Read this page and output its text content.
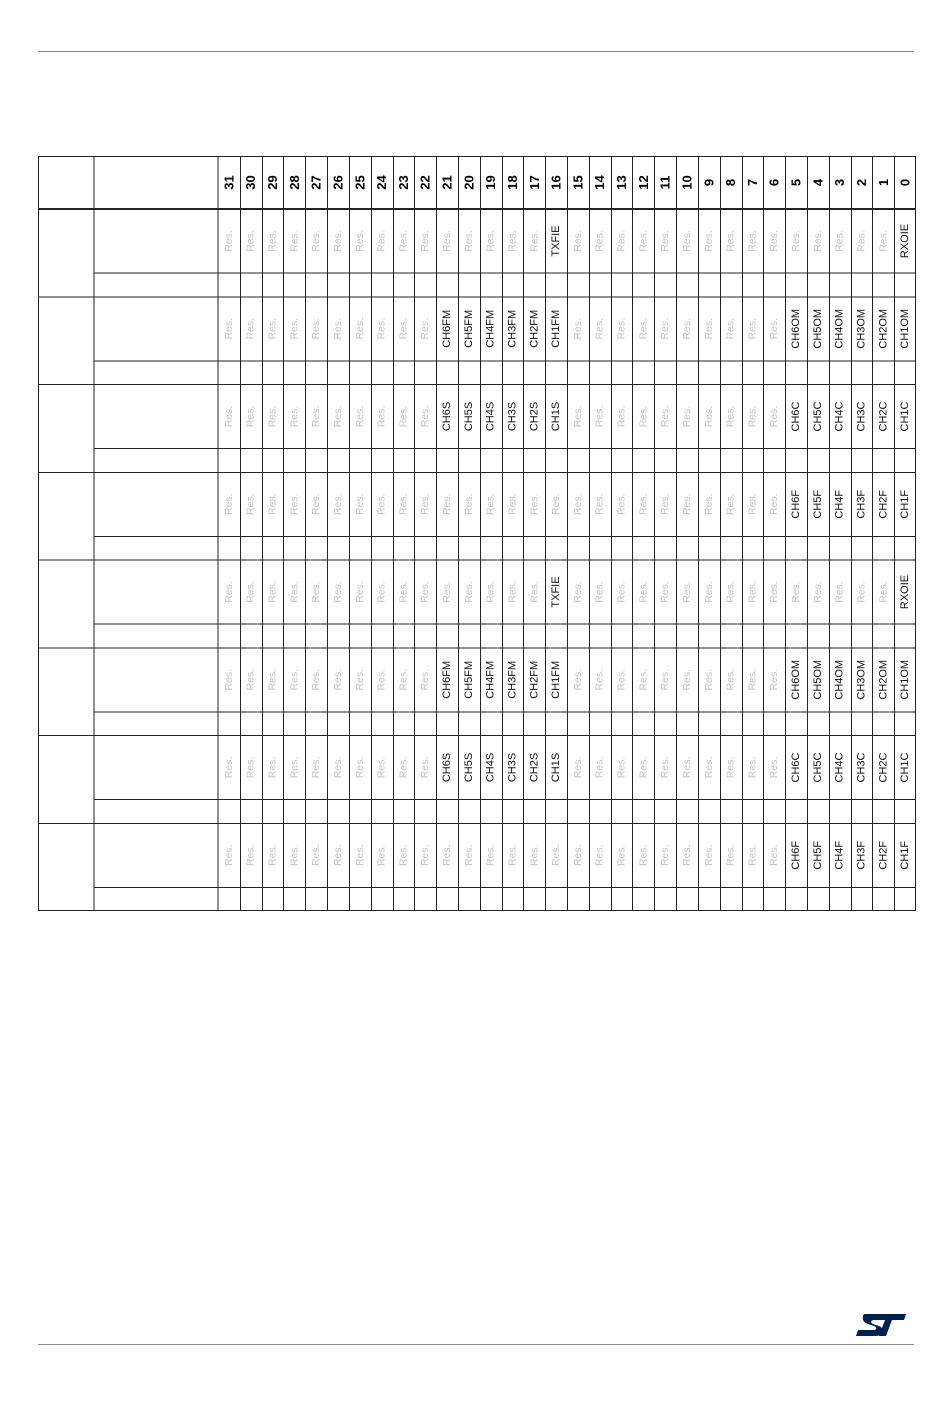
31 30 29 28 27 26 25 24 23 22 21 20 19 18 17 16 15 14 13 12 11 10 9 8 7 6 5 4 3 2 1 0
Res. Res. Res. Res. Res. Res. Res. Res. Res. Res. Res. Res. Res. Res. Res. TXFIE Res. Res. Res. Res. Res. Res. Res. Res. Res. Res. Res. Res. Res. Res. Res. RXOIE
Res. Res. Res. Res. Res. Res. Res. Res. Res. Res. CH6FM CH5FM CH4FM CH3FM CH2FM CH1FM Res. Res. Res. Res. Res. Res. Res. Res. Res. Res. CH6OM CH5OM CH4OM CH3OM CH2OM CH1OM
Res. Res. Res. Res. Res. Res. Res. Res. Res. Res. CH6S CH5S CH4S CH3S CH2S CH1S Res. Res. Res. Res. Res. Res. Res. Res. Res. Res. CH6C CH5C CH4C CH3C CH2C CH1C
Res. Res. Res. Res. Res. Res. Res. Res. Res. Res. Res. Res. Res. Res. Res. Res. Res. Res. Res. Res. Res. Res. Res. Res. Res. Res. CH6F CH5F CH4F CH3F CH2F CH1F
Res. Res. Res. Res. Res. Res. Res. Res. Res. Res. Res. Res. Res. Res. Res. TXFIE Res. Res. Res. Res. Res. Res. Res. Res. Res. Res. Res. Res. Res. Res. Res. RXOIE
Res. Res. Res. Res. Res. Res. Res. Res. Res. Res. CH6FM CH5FM CH4FM CH3FM CH2FM CH1FM Res. Res. Res. Res. Res. Res. Res. Res. Res. Res. CH6OM CH5OM CH4OM CH3OM CH2OM CH1OM
Res. Res. Res. Res. Res. Res. Res. Res. Res. Res. CH6S CH5S CH4S CH3S CH2S CH1S Res. Res. Res. Res. Res. Res. Res. Res. Res. Res. CH6C CH5C CH4C CH3C CH2C CH1C
Res. Res. Res. Res. Res. Res. Res. Res. Res. Res. Res. Res. Res. Res. Res. Res. Res. Res. Res. Res. Res. Res. Res. Res. Res. Res. CH6F CH5F CH4F CH3F CH2F CH1F
